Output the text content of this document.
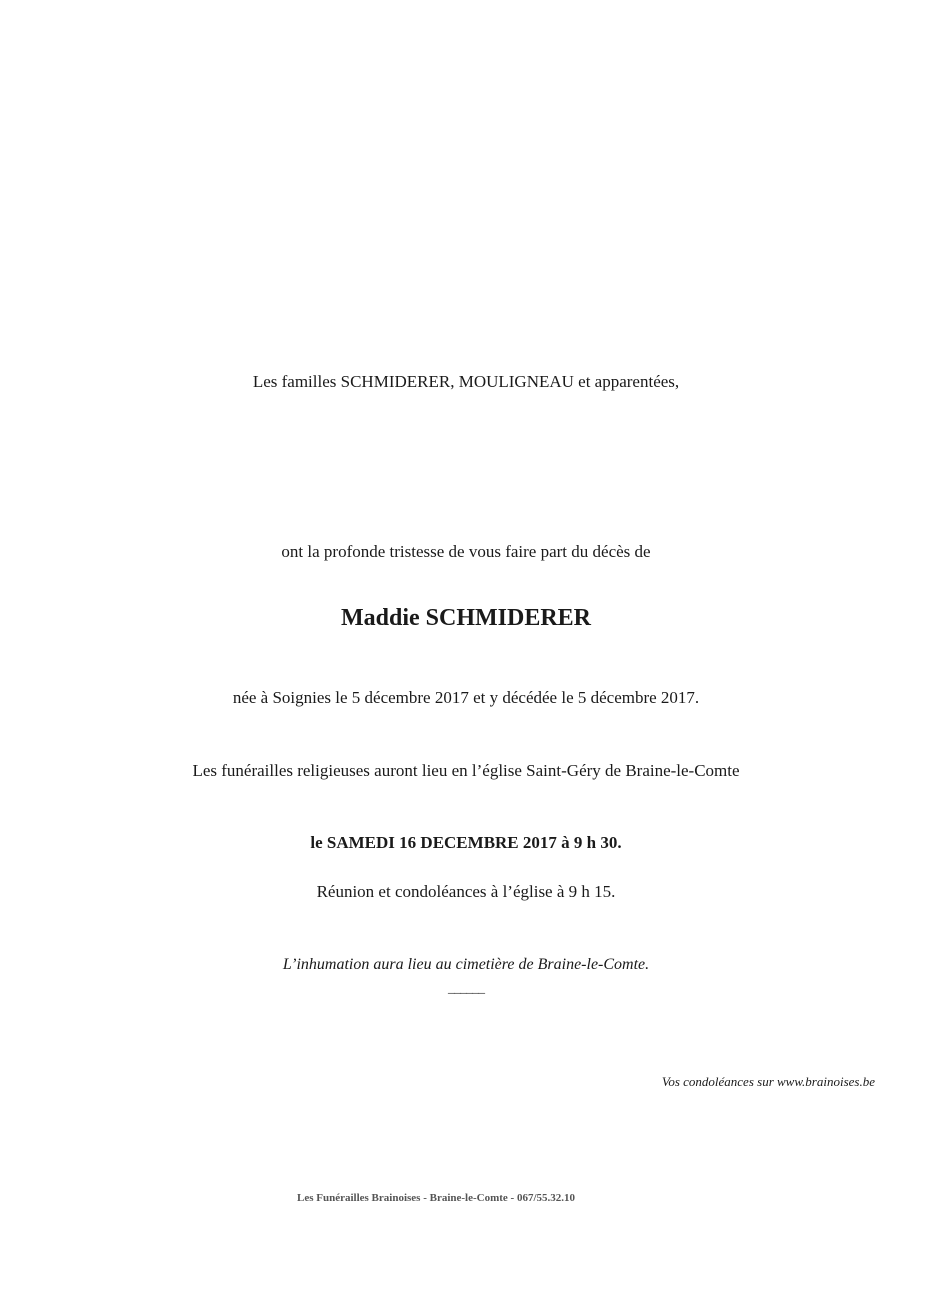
Les familles SCHMIDERER, MOULIGNEAU et apparentées,
ont la profonde tristesse de vous faire part du décès de
Maddie SCHMIDERER
née à Soignies le 5 décembre 2017 et y décédée le 5 décembre 2017.
Les funérailles religieuses auront lieu en l’église Saint-Géry de Braine-le-Comte
le SAMEDI 16 DECEMBRE 2017 à 9 h 30.
Réunion et condoléances à l’église à 9 h 15.
L’inhumation aura lieu au cimetière de Braine-le-Comte.
______
Vos condoléances sur www.brainoises.be
Les Funérailles Brainoises - Braine-le-Comte - 067/55.32.10
